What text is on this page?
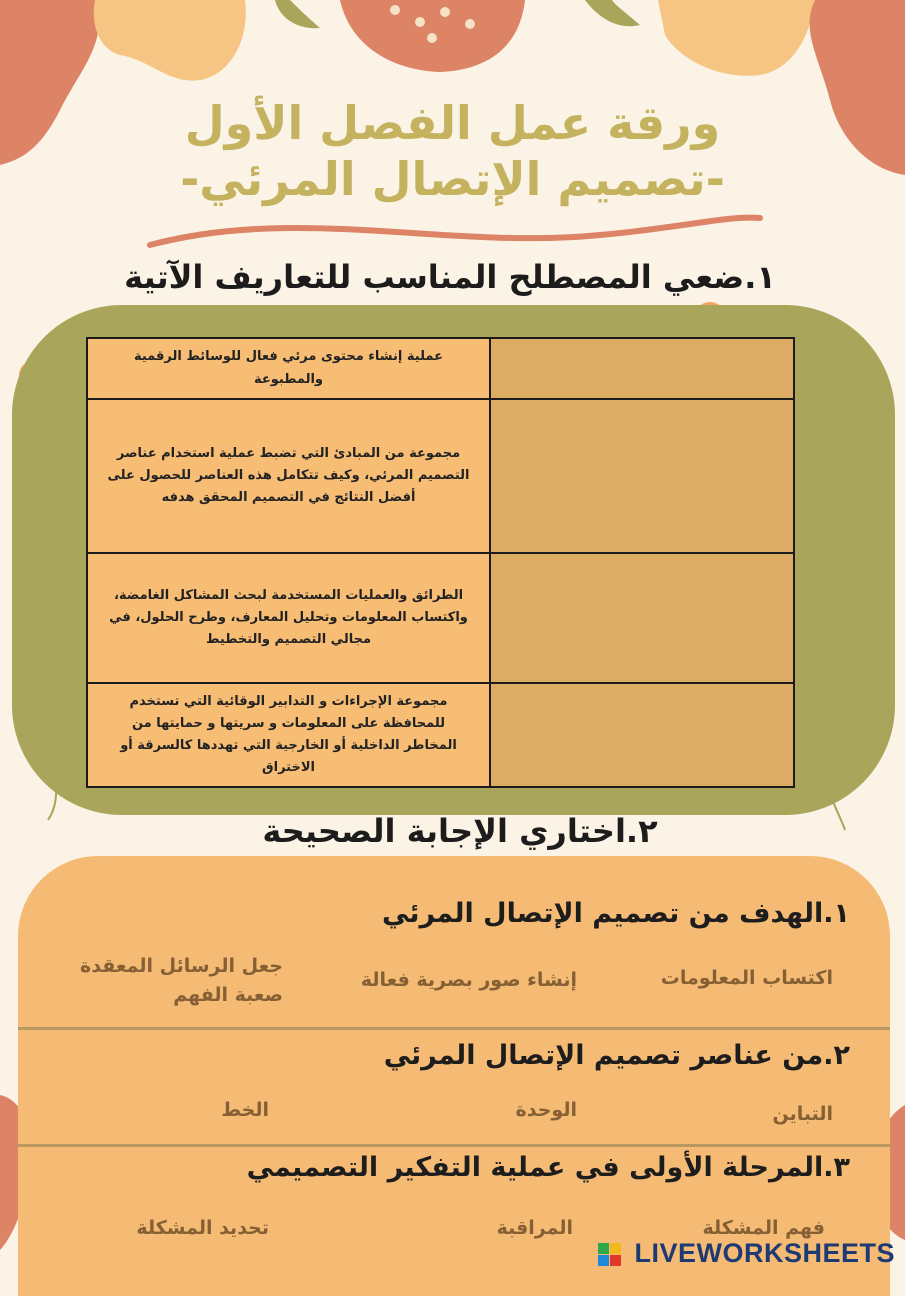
ورقة عمل الفصل الأول
-تصميم الإتصال المرئي-
١.ضعي المصطلح المناسب للتعاريف الآتية
عملية إنشاء محتوى مرئي فعال للوسائط الرقمية والمطبوعة	
مجموعة من المبادئ التي تضبط عملية استخدام عناصر التصميم المرئي، وكيف تتكامل هذه العناصر للحصول على أفضل النتائج في التصميم المحقق هدفه	
الطرائق والعمليات المستخدمة لبحث المشاكل الغامضة، واكتساب المعلومات وتحليل المعارف، وطرح الحلول، في مجالي التصميم والتخطيط	
مجموعة الإجراءات و التدابير الوقائية التي تستخدم للمحافظة على المعلومات و سريتها و حمايتها من المخاطر الداخلية أو الخارجية التي تهددها كالسرقة أو الاختراق	
٢.اختاري الإجابة الصحيحة
١.الهدف من تصميم الإتصال المرئي
اكتساب المعلومات
إنشاء صور بصرية فعالة
جعل الرسائل المعقدة صعبة الفهم
٢.من عناصر تصميم الإتصال المرئي
التباين
الوحدة
الخط
٣.المرحلة الأولى في عملية التفكير التصميمي
فهم المشكلة
المراقبة
تحديد المشكلة
LIVEWORKSHEETS
